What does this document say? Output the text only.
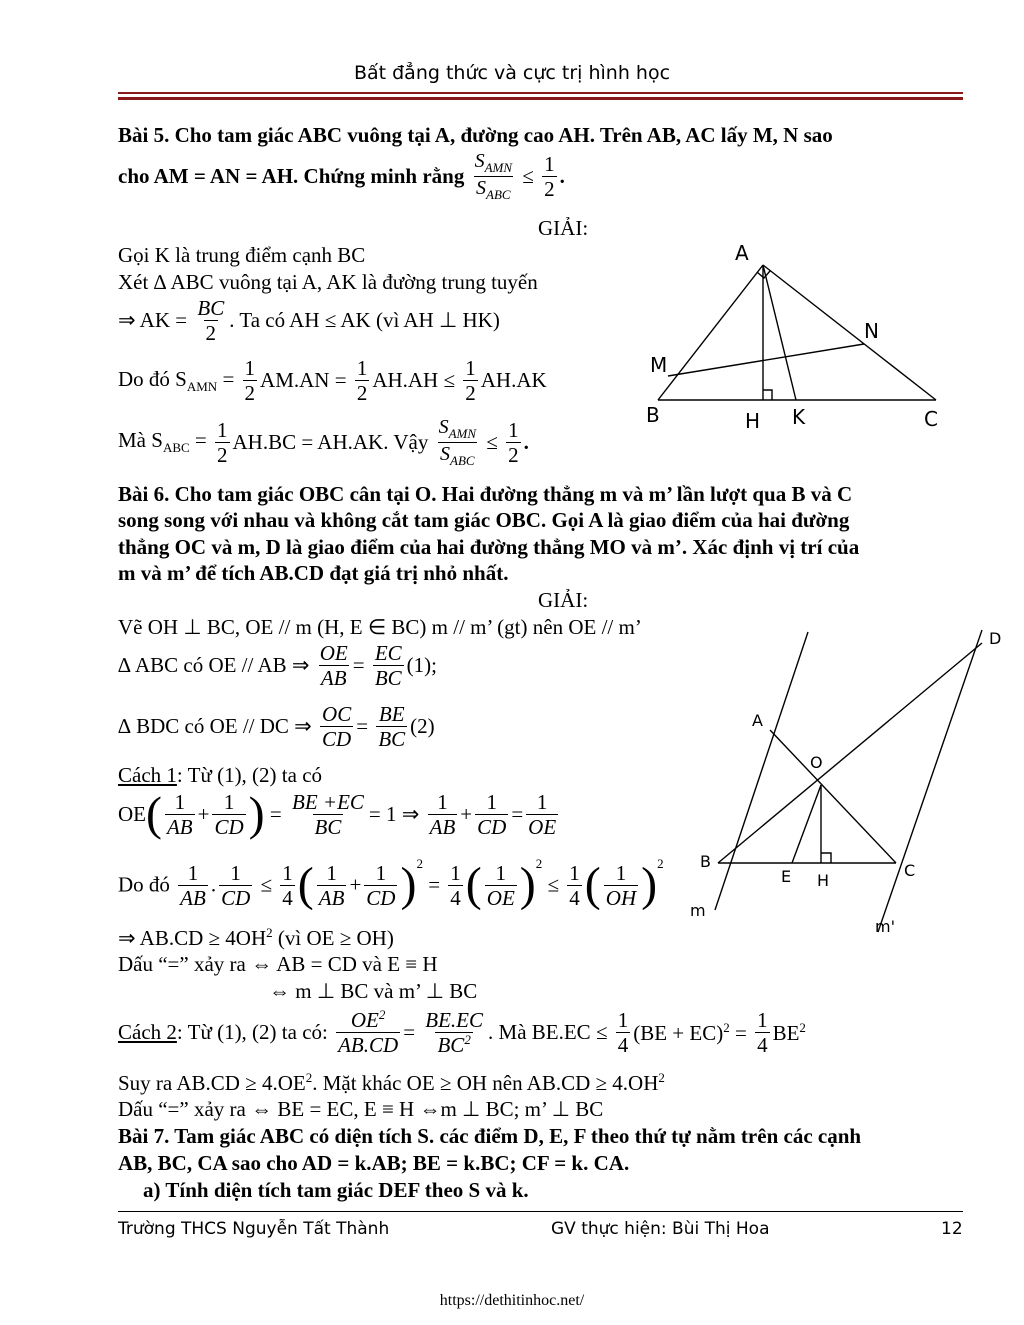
Bất đẳng thức và cực trị hình học
Bài 5. Cho tam giác ABC vuông tại A, đường cao AH. Trên AB, AC lấy M, N sao
cho AM = AN = AH. Chứng minh rằng $\frac{S_{AMN}}{S_{ABC}} \le \frac{1}{2}$ .
GIẢI:
Gọi K là trung điểm cạnh BC
Xét ∆ ABC vuông tại A, AK là đường trung tuyến
⇒ AK = $\frac{BC}{2}$ . Ta có AH ≤ AK (vì AH ⊥ HK)
Do đó $S_{AMN} = \frac{1}{2} AM.AN = \frac{1}{2} AH.AH \le \frac{1}{2} AH.AK$
Mà $S_{ABC} = \frac{1}{2} AH.BC = AH.AK$. Vậy $\frac{S_{AMN}}{S_{ABC}} \le \frac{1}{2}$ .
A
M
N
B	H K	C
Bài 6. Cho tam giác OBC cân tại O. Hai đường thẳng m và m’ lần lượt qua B và C
song song với nhau và không cắt tam giác OBC. Gọi A là giao điểm của hai đường
thẳng OC và m, D là giao điểm của hai đường thẳng MO và m’. Xác định vị trí của
m và m’ để tích AB.CD đạt giá trị nhỏ nhất.
GIẢI:
Vẽ OH ⊥ BC, OE // m (H, E ∈ BC) m // m’ (gt) nên OE // m’
∆ ABC có OE // AB ⇒ $\frac{OE}{AB} = \frac{EC}{BC} (1)$;
∆ BDC có OE // DC ⇒ $\frac{OC}{CD} = \frac{BE}{BC} (2)$
Cách 1: Từ (1), (2) ta có
$OE( \frac{1}{AB} + \frac{1}{CD}$ ) = $\frac{BE +EC}{BC} = 1$ ⇒ $\frac{1}{AB} + \frac{1}{CD} = \frac{1}{OE}$
Do đó $\frac{1}{AB}$ . $\frac{1}{CD} \le \frac{1}{4}$ ( $\frac{1}{AB} + \frac{1}{CD} )^2 = \frac{1}{4}$ ( $\frac{1}{OE} )^2 \le \frac{1}{4}$ ( $\frac{1}{OH} )^2$
⇒ $AB.CD \ge 4OH^2$ (vì OE ≥ OH)
Dấu “=” xảy ra ⇔ AB = CD và E ≡ H
⇔ m ⊥ BC và m’ ⊥ BC
Cách 2: Từ (1), (2) ta có: $\frac{OE^2}{AB.CD} = \frac{BE.EC}{BC^2}$ . Mà $BE.EC \le \frac{1}{4} (BE + EC)^2 = \frac{1}{4} BE^2$
Suy ra $AB.CD \ge 4.OE^2$. Mặt khác OE ≥ OH nên $AB.CD \ge 4.OH^2$
Dấu “=” xảy ra ⇔ BE = EC, E ≡ H ⇔m ⊥ BC; m’ ⊥ BC
D
A
O
B
E H
C
m
m'
Bài 7. Tam giác ABC có diện tích S. các điểm D, E, F theo thứ tự nằm trên các cạnh
AB, BC, CA sao cho AD = k.AB; BE = k.BC; CF = k. CA.
a) Tính diện tích tam giác DEF theo S và k.
Trường THCS Nguyễn Tất Thành	GV thực hiện: Bùi Thị Hoa	12
https://dethitinhoc.net/
